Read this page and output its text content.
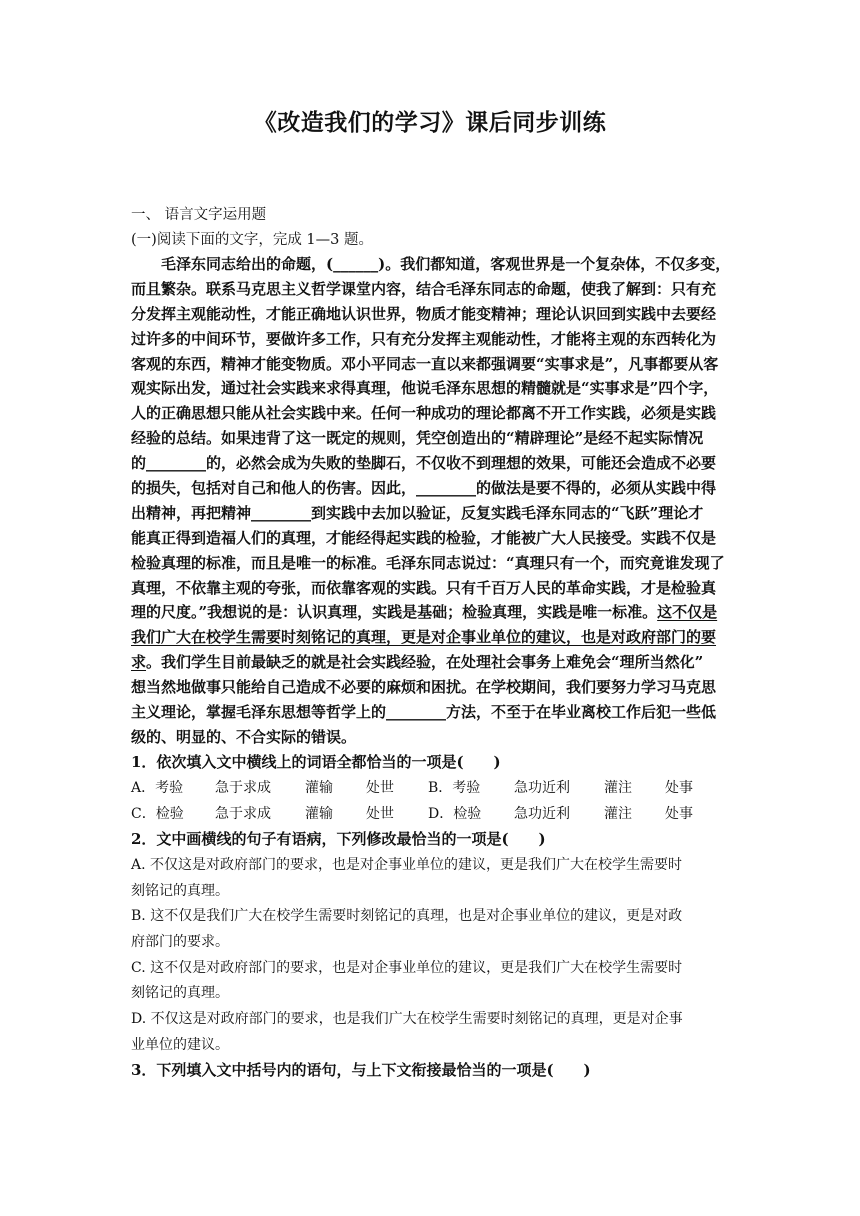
《改造我们的学习》课后同步训练
一、 语言文字运用题
(一)阅读下面的文字，完成 1—3 题。
毛泽东同志给出的命题，(______)。我们都知道，客观世界是一个复杂体，不仅多变，
而且繁杂。联系马克思主义哲学课堂内容，结合毛泽东同志的命题，使我了解到：只有充
分发挥主观能动性，才能正确地认识世界，物质才能变精神；理论认识回到实践中去要经
过许多的中间环节，要做许多工作，只有充分发挥主观能动性，才能将主观的东西转化为
客观的东西，精神才能变物质。邓小平同志一直以来都强调要“实事求是”，凡事都要从客
观实际出发，通过社会实践来求得真理，他说毛泽东思想的精髓就是“实事求是”四个字，
人的正确思想只能从社会实践中来。任何一种成功的理论都离不开工作实践，必须是实践
经验的总结。如果违背了这一既定的规则，凭空创造出的“精辟理论”是经不起实际情况
的________的，必然会成为失败的垫脚石，不仅收不到理想的效果，可能还会造成不必要
的损失，包括对自己和他人的伤害。因此，________的做法是要不得的，必须从实践中得
出精神，再把精神________到实践中去加以验证，反复实践毛泽东同志的“飞跃”理论才
能真正得到造福人们的真理，才能经得起实践的检验，才能被广大人民接受。实践不仅是
检验真理的标准，而且是唯一的标准。毛泽东同志说过：“真理只有一个，而究竟谁发现了
真理，不依靠主观的夸张，而依靠客观的实践。只有千百万人民的革命实践，才是检验真
理的尺度。”我想说的是：认识真理，实践是基础；检验真理，实践是唯一标准。这不仅是
我们广大在校学生需要时刻铭记的真理，更是对企事业单位的建议，也是对政府部门的要
求。我们学生目前最缺乏的就是社会实践经验，在处理社会事务上难免会“理所当然化”
想当然地做事只能给自己造成不必要的麻烦和困扰。在学校期间，我们要努力学习马克思
主义理论，掌握毛泽东思想等哲学上的________方法，不至于在毕业离校工作后犯一些低
级的、明显的、不合实际的错误。
1．依次填入文中横线上的词语全都恰当的一项是(　　)
A．考验 急于求成 灌输 处世 B．考验 急功近利 灌注 处事
C．检验 急于求成 灌输 处世 D．检验 急功近利 灌注 处事
2．文中画横线的句子有语病，下列修改最恰当的一项是(　　)
A. 不仅这是对政府部门的要求，也是对企事业单位的建议，更是我们广大在校学生需要时
刻铭记的真理。
B. 这不仅是我们广大在校学生需要时刻铭记的真理，也是对企事业单位的建议，更是对政
府部门的要求。
C. 这不仅是对政府部门的要求，也是对企事业单位的建议，更是我们广大在校学生需要时
刻铭记的真理。
D. 不仅这是对政府部门的要求，也是我们广大在校学生需要时刻铭记的真理，更是对企事
业单位的建议。
3．下列填入文中括号内的语句，与上下文衔接最恰当的一项是(　　)
